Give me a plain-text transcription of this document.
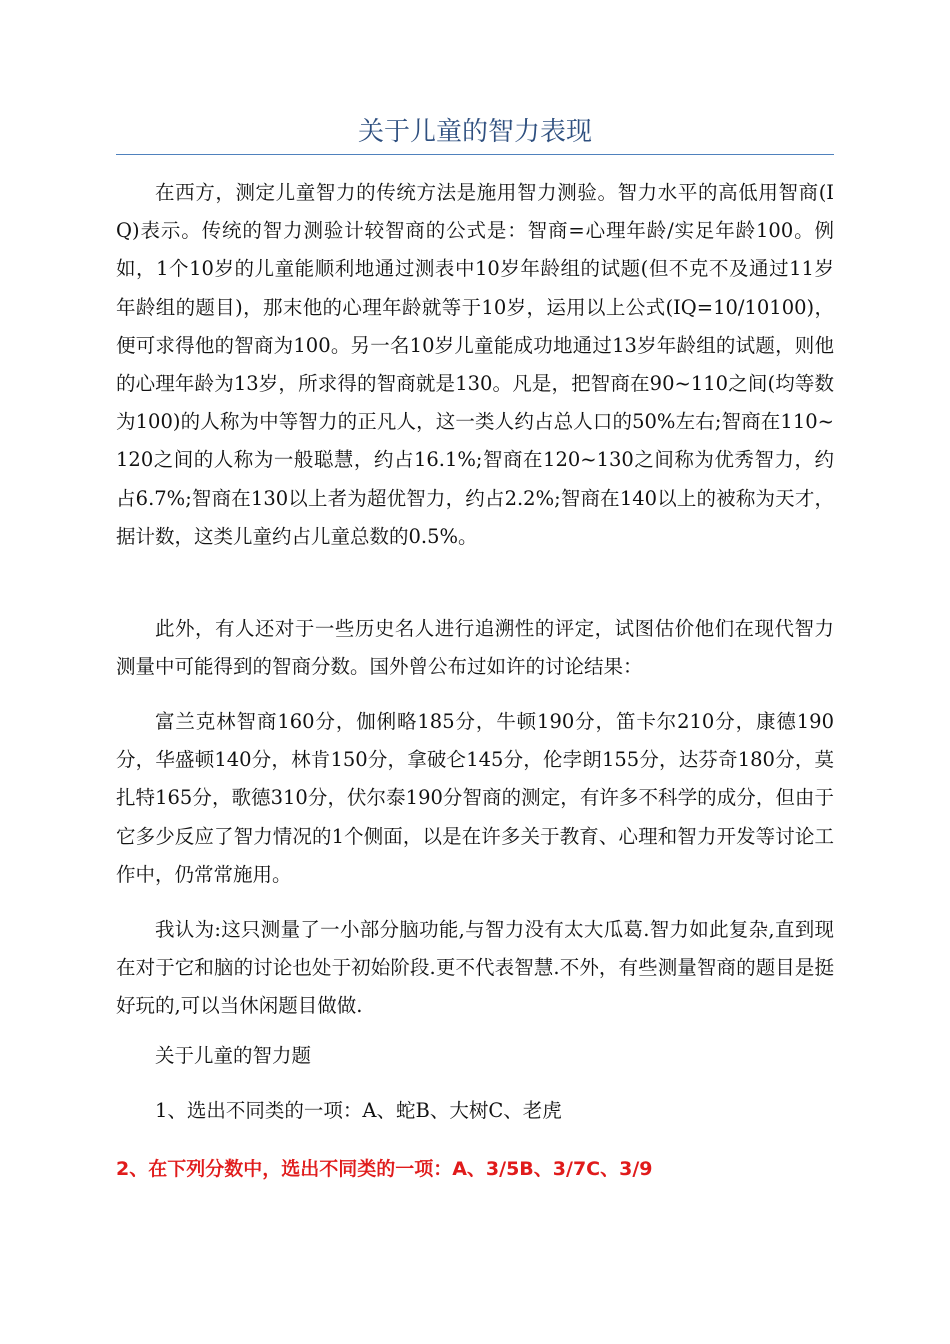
关于儿童的智力表现

在西方，测定儿童智力的传统方法是施用智力测验。智力水平的高低用智商(IQ)表示。传统的智力测验计较智商的公式是：智商=心理年龄/实足年龄100。例如，1个10岁的儿童能顺利地通过测表中10岁年龄组的试题(但不克不及通过11岁年龄组的题目)，那末他的心理年龄就等于10岁，运用以上公式(IQ=10/10100)，便可求得他的智商为100。另一名10岁儿童能成功地通过13岁年龄组的试题，则他的心理年龄为13岁，所求得的智商就是130。凡是，把智商在90~110之间(均等数为100)的人称为中等智力的正凡人，这一类人约占总人口的50%左右;智商在110~120之间的人称为一般聪慧，约占16.1%;智商在120~130之间称为优秀智力，约占6.7%;智商在130以上者为超优智力，约占2.2%;智商在140以上的被称为天才，据计数，这类儿童约占儿童总数的0.5%。

此外，有人还对于一些历史名人进行追溯性的评定，试图估价他们在现代智力测量中可能得到的智商分数。国外曾公布过如许的讨论结果：

富兰克林智商160分，伽俐略185分，牛顿190分，笛卡尔210分，康德190分，华盛顿140分，林肯150分，拿破仑145分，伦孛朗155分，达芬奇180分，莫扎特165分，歌德310分，伏尔泰190分智商的测定，有许多不科学的成分，但由于它多少反应了智力情况的1个侧面，以是在许多关于教育、心理和智力开发等讨论工作中，仍常常施用。

我认为:这只测量了一小部分脑功能,与智力没有太大瓜葛.智力如此复杂,直到现在对于它和脑的讨论也处于初始阶段.更不代表智慧.不外，有些测量智商的题目是挺好玩的,可以当休闲题目做做.

关于儿童的智力题

1、选出不同类的一项：A、蛇B、大树C、老虎

2、在下列分数中，选出不同类的一项：A、3/5B、3/7C、3/9
